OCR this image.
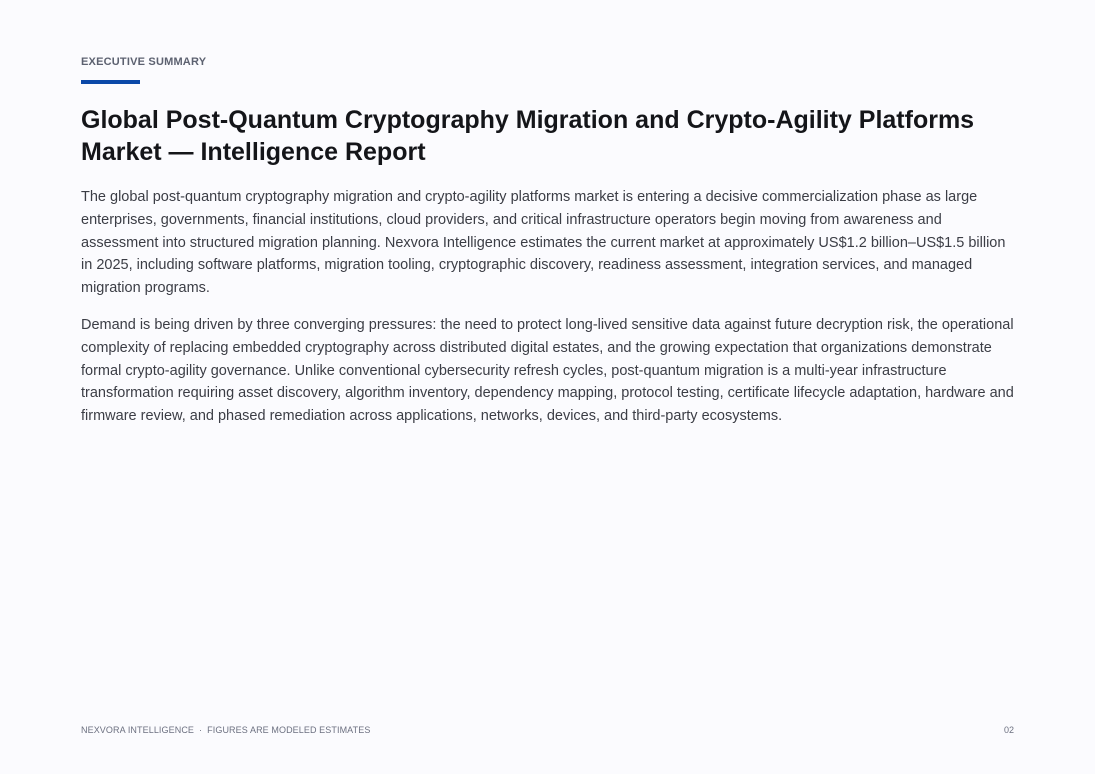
EXECUTIVE SUMMARY
Global Post-Quantum Cryptography Migration and Crypto-Agility Platforms Market — Intelligence Report

The global post-quantum cryptography migration and crypto-agility platforms market is entering a decisive commercialization phase as large enterprises, governments, financial institutions, cloud providers, and critical infrastructure operators begin moving from awareness and assessment into structured migration planning. Nexvora Intelligence estimates the current market at approximately US$1.2 billion–US$1.5 billion in 2025, including software platforms, migration tooling, cryptographic discovery, readiness assessment, integration services, and managed migration programs.

Demand is being driven by three converging pressures: the need to protect long-lived sensitive data against future decryption risk, the operational complexity of replacing embedded cryptography across distributed digital estates, and the growing expectation that organizations demonstrate formal crypto-agility governance. Unlike conventional cybersecurity refresh cycles, post-quantum migration is a multi-year infrastructure transformation requiring asset discovery, algorithm inventory, dependency mapping, protocol testing, certificate lifecycle adaptation, hardware and firmware review, and phased remediation across applications, networks, devices, and third-party ecosystems.

NEXVORA INTELLIGENCE · FIGURES ARE MODELED ESTIMATES	02
